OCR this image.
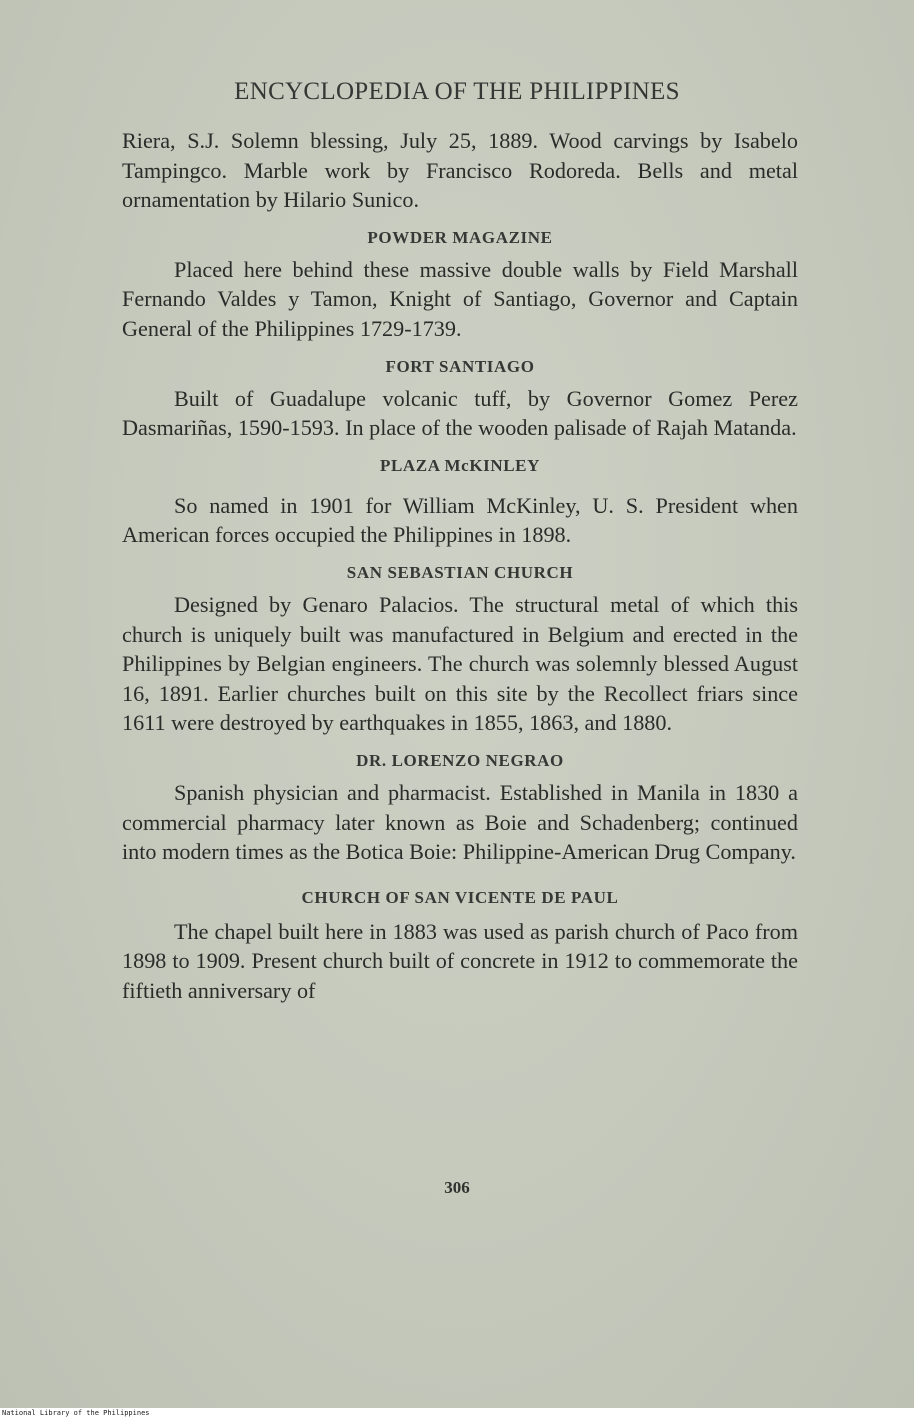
ENCYCLOPEDIA OF THE PHILIPPINES

Riera, S.J. Solemn blessing, July 25, 1889. Wood carvings by Isabelo Tampingco. Marble work by Francisco Rodoreda. Bells and metal ornamentation by Hilario Sunico.

POWDER MAGAZINE

Placed here behind these massive double walls by Field Marshall Fernando Valdes y Tamon, Knight of Santiago, Governor and Captain General of the Philippines 1729-1739.

FORT SANTIAGO

Built of Guadalupe volcanic tuff, by Governor Gomez Perez Dasmariñas, 1590-1593. In place of the wooden palisade of Rajah Matanda.

PLAZA McKINLEY

So named in 1901 for William McKinley, U. S. President when American forces occupied the Philippines in 1898.

SAN SEBASTIAN CHURCH

Designed by Genaro Palacios. The structural metal of which this church is uniquely built was manufactured in Belgium and erected in the Philippines by Belgian engineers. The church was solemnly blessed August 16, 1891. Earlier churches built on this site by the Recollect friars since 1611 were destroyed by earthquakes in 1855, 1863, and 1880.

DR. LORENZO NEGRAO

Spanish physician and pharmacist. Established in Manila in 1830 a commercial pharmacy later known as Boie and Schadenberg; continued into modern times as the Botica Boie: Philippine-American Drug Company.

CHURCH OF SAN VICENTE DE PAUL

The chapel built here in 1883 was used as parish church of Paco from 1898 to 1909. Present church built of concrete in 1912 to commemorate the fiftieth anniversary of

306
National Library of the Philippines
